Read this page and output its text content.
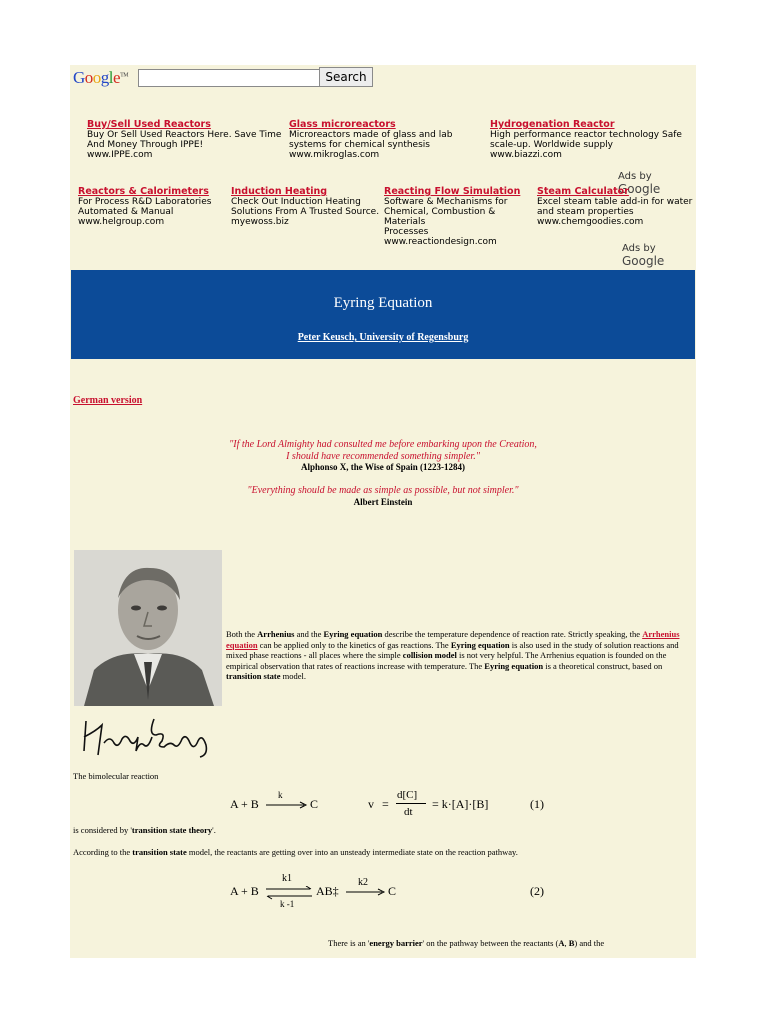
Google™	Search
Buy/Sell Used Reactors
Buy Or Sell Used Reactors Here. Save Time
And Money Through IPPE!
www.IPPE.com
Glass microreactors
Microreactors made of glass and lab
systems for chemical synthesis
www.mikroglas.com
Hydrogenation Reactor
High performance reactor technology Safe
scale-up. Worldwide supply
www.biazzi.com
Ads by Google
Reactors & Calorimeters
For Process R&D Laboratories
Automated & Manual
www.helgroup.com
Induction Heating
Check Out Induction Heating
Solutions From A Trusted Source.
myewoss.biz
Reacting Flow Simulation
Software & Mechanisms for
Chemical, Combustion & Materials
Processes
www.reactiondesign.com
Steam Calculator
Excel steam table add-in for water
and steam properties
www.chemgoodies.com
Ads by Google
Eyring Equation
Peter Keusch, University of Regensburg
German version
"If the Lord Almighty had consulted me before embarking upon the Creation,
I should have recommended something simpler."
Alphonso X, the Wise of Spain (1223-1284)
"Everything should be made as simple as possible, but not simpler."
Albert Einstein
Both the Arrhenius and the Eyring equation describe the temperature dependence of reaction rate. Strictly speaking, the Arrhenius equation can be applied only to the kinetics of gas reactions. The Eyring equation is also used in the study of solution reactions and mixed phase reactions - all places where the simple collision model is not very helpful. The Arrhenius equation is founded on the empirical observation that rates of reactions increase with temperature. The Eyring equation is a theoretical construct, based on transition state model.
The bimolecular reaction
A + B
k
C	v =
d[C]
dt
= k·[A]·[B]	(1)
is considered by 'transition state theory'.
According to the transition state model, the reactants are getting over into an unsteady intermediate state on the reaction pathway.
A + B
k1
k -1
AB‡
k2
C	(2)
There is an 'energy barrier' on the pathway between the reactants (A, B) and the
